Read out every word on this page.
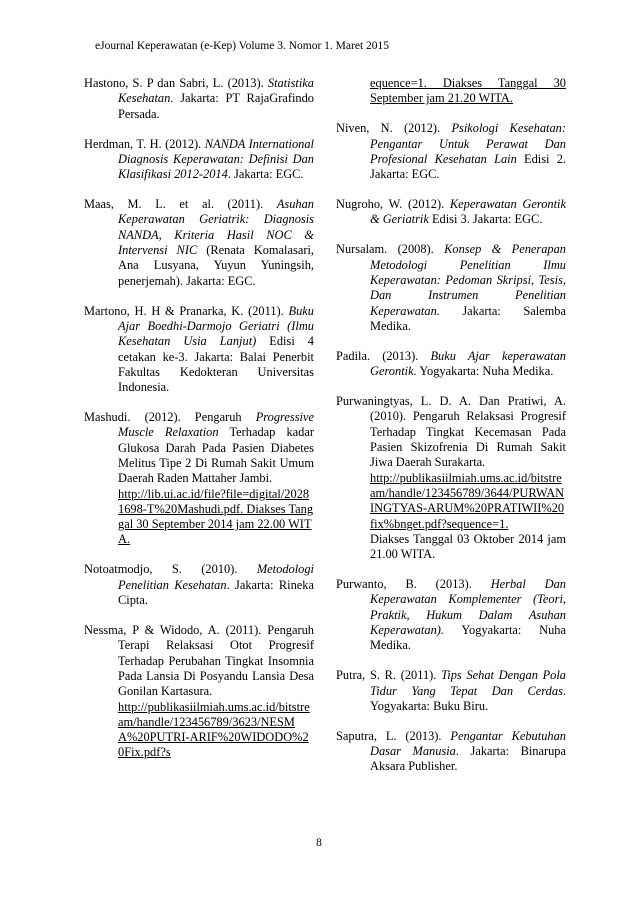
eJournal Keperawatan (e-Kep) Volume 3. Nomor 1. Maret 2015

Hastono, S. P dan Sabri, L. (2013). Statistika Kesehatan. Jakarta: PT RajaGrafindo Persada.

Herdman, T. H. (2012). NANDA International Diagnosis Keperawatan: Definisi Dan Klasifikasi 2012-2014. Jakarta: EGC.

Maas, M. L. et al. (2011). Asuhan Keperawatan Geriatrik: Diagnosis NANDA, Kriteria Hasil NOC & Intervensi NIC (Renata Komalasari, Ana Lusyana, Yuyun Yuningsih, penerjemah). Jakarta: EGC.

Martono, H. H & Pranarka, K. (2011). Buku Ajar Boedhi-Darmojo Geriatri (Ilmu Kesehatan Usia Lanjut) Edisi 4 cetakan ke-3. Jakarta: Balai Penerbit Fakultas Kedokteran Universitas Indonesia.

Mashudi. (2012). Pengaruh Progressive Muscle Relaxation Terhadap kadar Glukosa Darah Pada Pasien Diabetes Melitus Tipe 2 Di Rumah Sakit Umum Daerah Raden Mattaher Jambi.
http://lib.ui.ac.id/file?file=digital/20281698-T%20Mashudi.pdf. Diakses Tanggal 30 September 2014 jam 22.00 WITA.

Notoatmodjo, S. (2010). Metodologi Penelitian Kesehatan. Jakarta: Rineka Cipta.

Nessma, P & Widodo, A. (2011). Pengaruh Terapi Relaksasi Otot Progresif Terhadap Perubahan Tingkat Insomnia Pada Lansia Di Posyandu Lansia Desa Gonilan Kartasura.
http://publikasiilmiah.ums.ac.id/bitstream/handle/123456789/3623/NESMA%20PUTRI-ARIF%20WIDODO%20Fix.pdf?s

equence=1. Diakses Tanggal 30 September jam 21.20 WITA.

Niven, N. (2012). Psikologi Kesehatan: Pengantar Untuk Perawat Dan Profesional Kesehatan Lain Edisi 2. Jakarta: EGC.

Nugroho, W. (2012). Keperawatan Gerontik & Geriatrik Edisi 3. Jakarta: EGC.

Nursalam. (2008). Konsep & Penerapan Metodologi Penelitian Ilmu Keperawatan: Pedoman Skripsi, Tesis, Dan Instrumen Penelitian Keperawatan. Jakarta: Salemba Medika.

Padila. (2013). Buku Ajar keperawatan Gerontik. Yogyakarta: Nuha Medika.

Purwaningtyas, L. D. A. Dan Pratiwi, A. (2010). Pengaruh Relaksasi Progresif Terhadap Tingkat Kecemasan Pada Pasien Skizofrenia Di Rumah Sakit Jiwa Daerah Surakarta.
http://publikasiilmiah.ums.ac.id/bitstream/handle/123456789/3644/PURWANINGTYAS-ARUM%20PRATIWII%20fix%bnget.pdf?sequence=1.
Diakses Tanggal 03 Oktober 2014 jam 21.00 WITA.

Purwanto, B. (2013). Herbal Dan Keperawatan Komplementer (Teori, Praktik, Hukum Dalam Asuhan Keperawatan). Yogyakarta: Nuha Medika.

Putra, S. R. (2011). Tips Sehat Dengan Pola Tidur Yang Tepat Dan Cerdas. Yogyakarta: Buku Biru.

Saputra, L. (2013). Pengantar Kebutuhan Dasar Manusia. Jakarta: Binarupa Aksara Publisher.

8
